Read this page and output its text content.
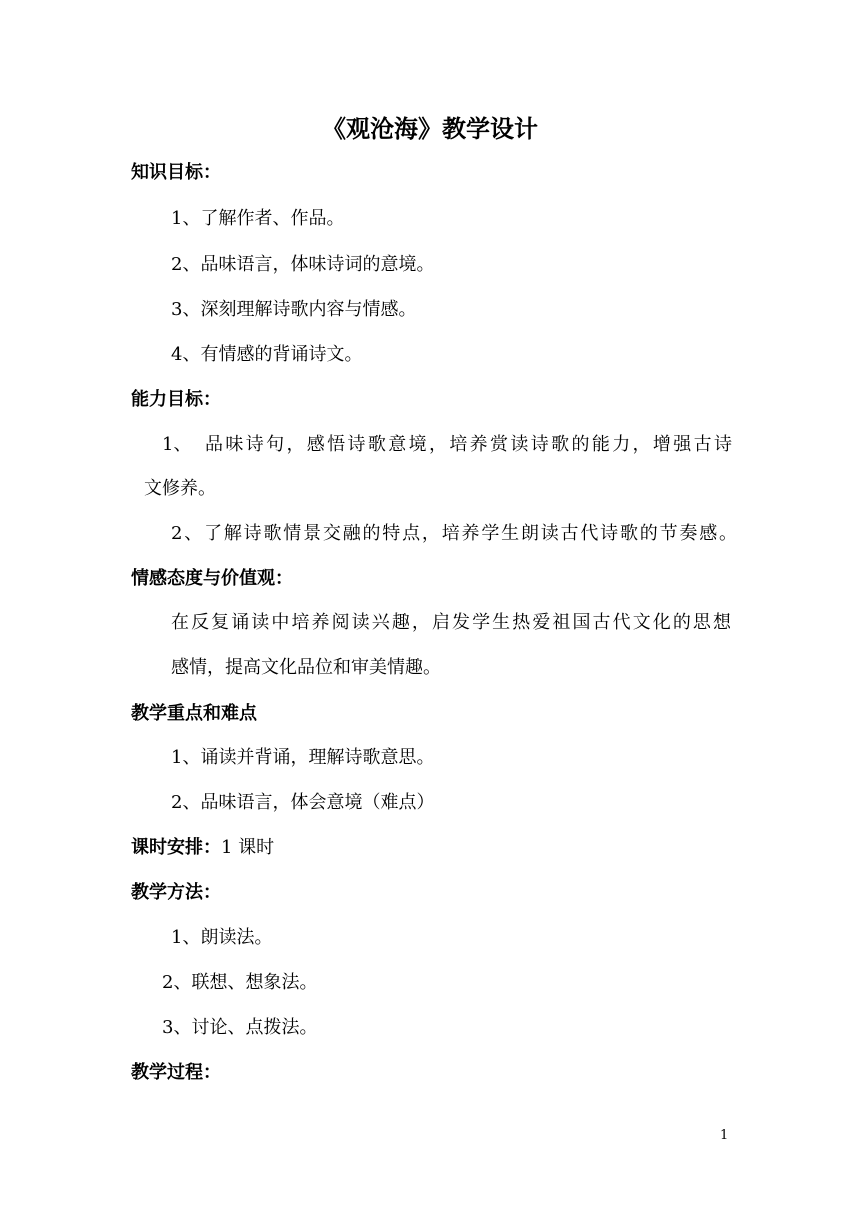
《观沧海》教学设计
知识目标：
1、了解作者、作品。
2、品味语言，体味诗词的意境。
3、深刻理解诗歌内容与情感。
4、有情感的背诵诗文。
能力目标：
1、 品味诗句，感悟诗歌意境，培养赏读诗歌的能力，增强古诗
文修养。
2、了解诗歌情景交融的特点，培养学生朗读古代诗歌的节奏感。
情感态度与价值观：
在反复诵读中培养阅读兴趣，启发学生热爱祖国古代文化的思想
感情，提高文化品位和审美情趣。
教学重点和难点
1、诵读并背诵，理解诗歌意思。
2、品味语言，体会意境（难点）
课时安排：1 课时
教学方法：
1、朗读法。
2、联想、想象法。
3、讨论、点拨法。
教学过程：
1
